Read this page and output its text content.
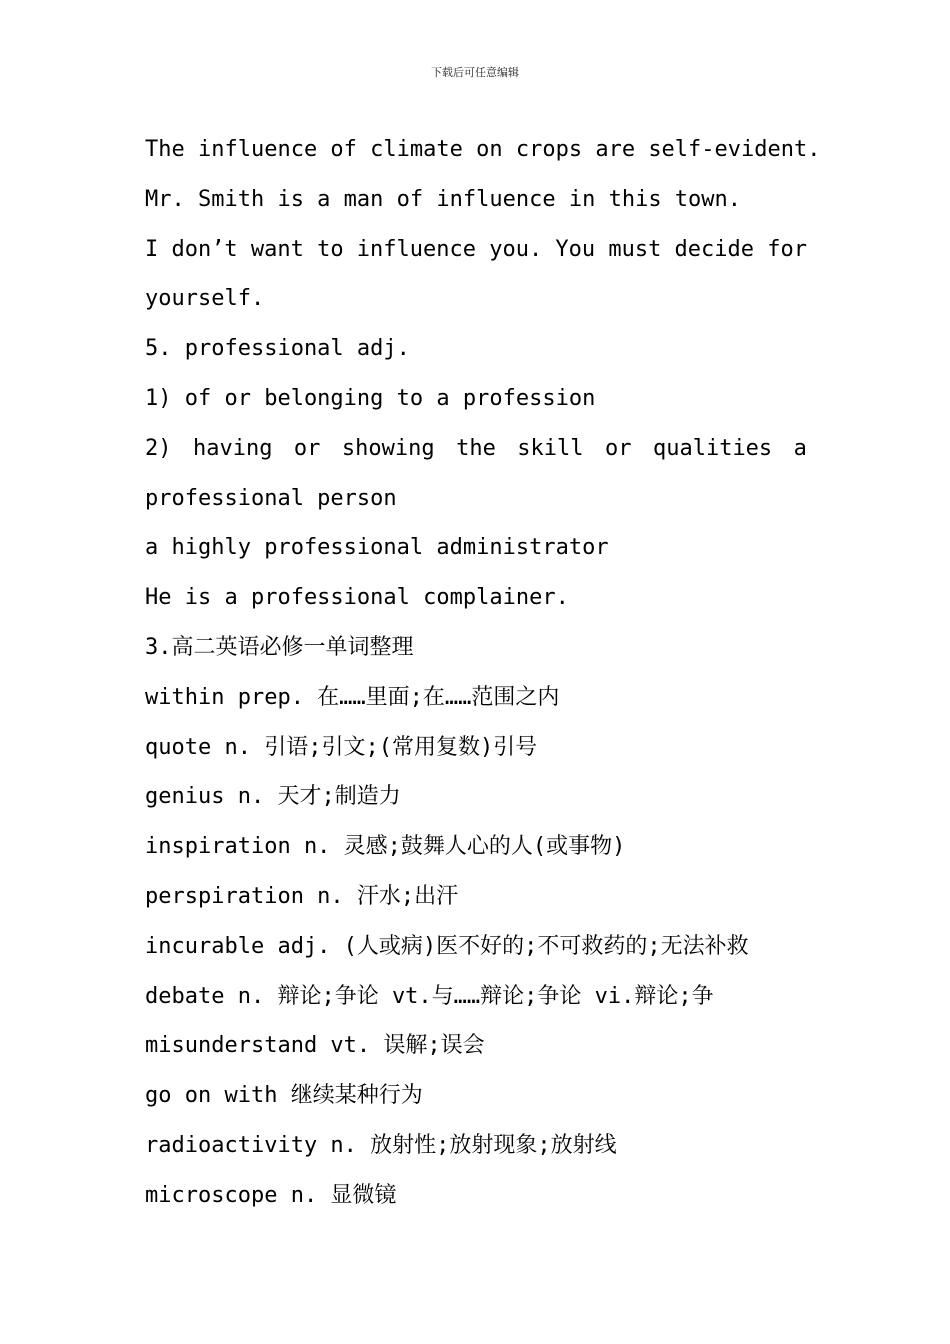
下载后可任意编辑
The influence of climate on crops are self-evident.
Mr. Smith is a man of influence in this town.
I don’t want to influence you. You must decide for
yourself.
5. professional adj.
1) of or belonging to a profession
2) having or showing the skill or qualities a
professional person
a highly professional administrator
He is a professional complainer.
3.高二英语必修一单词整理
within prep. 在……里面;在……范围之内
quote n. 引语;引文;(常用复数)引号
genius n. 天才;制造力
inspiration n. 灵感;鼓舞人心的人(或事物)
perspiration n. 汗水;出汗
incurable adj. (人或病)医不好的;不可救药的;无法补救
debate n. 辩论;争论 vt.与……辩论;争论 vi.辩论;争
misunderstand vt. 误解;误会
go on with 继续某种行为
radioactivity n. 放射性;放射现象;放射线
microscope n. 显微镜
